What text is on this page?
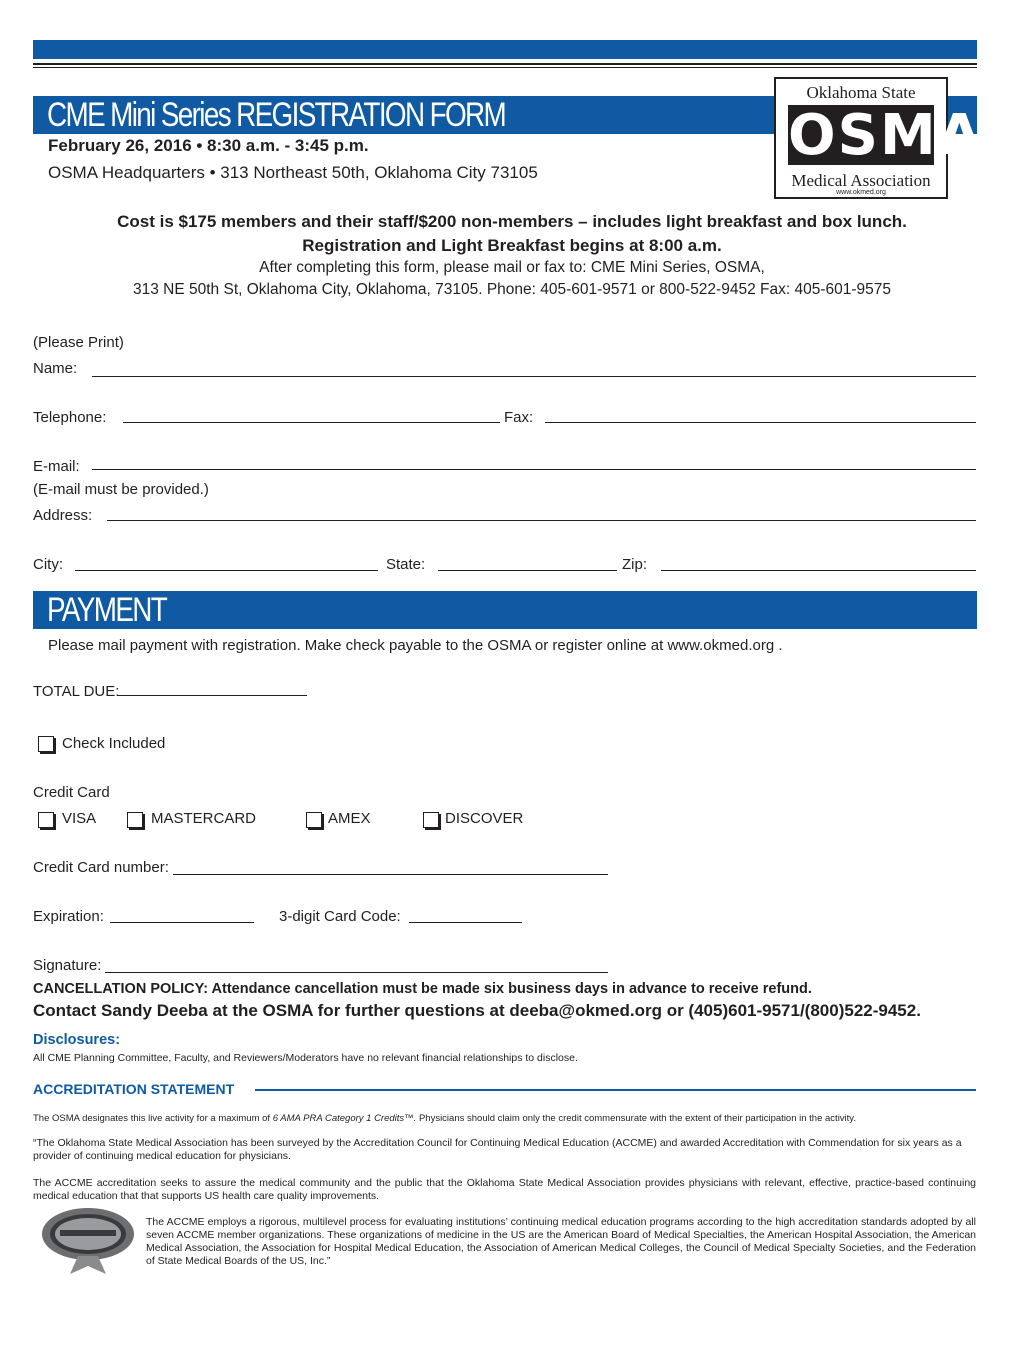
CME Mini Series REGISTRATION FORM
Oklahoma State
OSMA
Medical Association
www.okmed.org
February 26, 2016 • 8:30 a.m. - 3:45 p.m.
OSMA Headquarters • 313 Northeast 50th, Oklahoma City 73105
Cost is $175 members and their staff/$200 non-members – includes light breakfast and box lunch.
Registration and Light Breakfast begins at 8:00 a.m.
After completing this form, please mail or fax to: CME Mini Series, OSMA,
313 NE 50th St, Oklahoma City, Oklahoma, 73105. Phone: 405-601-9571 or 800-522-9452 Fax: 405-601-9575
(Please Print)
Name:
Telephone:	Fax:
E-mail:
(E-mail must be provided.)
Address:
City:	State:	Zip:
PAYMENT
Please mail payment with registration. Make check payable to the OSMA or register online at www.okmed.org .
TOTAL DUE:
Check Included
Credit Card
VISA	MASTERCARD	AMEX	DISCOVER
Credit Card number:
Expiration:	3-digit Card Code:
Signature:
CANCELLATION POLICY: Attendance cancellation must be made six business days in advance to receive refund.
Contact Sandy Deeba at the OSMA for further questions at deeba@okmed.org or (405)601-9571/(800)522-9452.
Disclosures:
All CME Planning Committee, Faculty, and Reviewers/Moderators have no relevant financial relationships to disclose.
ACCREDITATION STATEMENT
The OSMA designates this live activity for a maximum of 6 AMA PRA Category 1 Credits™. Physicians should claim only the credit commensurate with the extent of their participation in the activity.
“The Oklahoma State Medical Association has been surveyed by the Accreditation Council for Continuing Medical Education (ACCME) and awarded Accreditation with Commendation for six years as a provider of continuing medical education for physicians.
The ACCME accreditation seeks to assure the medical community and the public that the Oklahoma State Medical Association provides physicians with relevant, effective, practice-based continuing medical education that that supports US health care quality improvements.
The ACCME employs a rigorous, multilevel process for evaluating institutions’ continuing medical education programs according to the high accreditation standards adopted by all seven ACCME member organizations. These organizations of medicine in the US are the American Board of Medical Specialties, the American Hospital Association, the American Medical Association, the Association for Hospital Medical Education, the Association of American Medical Colleges, the Council of Medical Specialty Societies, and the Federation of State Medical Boards of the US, Inc.”
